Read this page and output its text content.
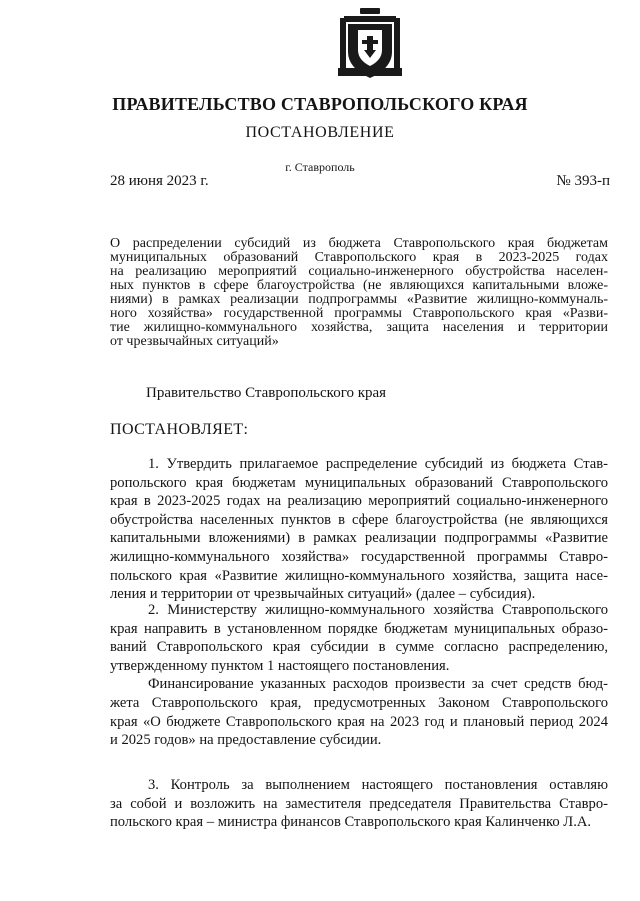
ПРАВИТЕЛЬСТВО СТАВРОПОЛЬСКОГО КРАЯ
ПОСТАНОВЛЕНИЕ
г. Ставрополь
28 июня 2023 г.	№ 393-п
О распределении субсидий из бюджета Ставропольского края бюджетам
муниципальных образований Ставропольского края в 2023-2025 годах
на реализацию мероприятий социально-инженерного обустройства населен-
ных пунктов в сфере благоустройства (не являющихся капитальными вложе-
ниями) в рамках реализации подпрограммы «Развитие жилищно-коммуналь-
ного хозяйства» государственной программы Ставропольского края «Разви-
тие жилищно-коммунального хозяйства, защита населения и территории
от чрезвычайных ситуаций»
Правительство Ставропольского края
ПОСТАНОВЛЯЕТ:
1. Утвердить прилагаемое распределение субсидий из бюджета Став-
ропольского края бюджетам муниципальных образований Ставропольского
края в 2023-2025 годах на реализацию мероприятий социально-инженерного
обустройства населенных пунктов в сфере благоустройства (не являющихся
капитальными вложениями) в рамках реализации подпрограммы «Развитие
жилищно-коммунального хозяйства» государственной программы Ставро-
польского края «Развитие жилищно-коммунального хозяйства, защита насе-
ления и территории от чрезвычайных ситуаций» (далее – субсидия).
2. Министерству жилищно-коммунального хозяйства Ставропольского
края направить в установленном порядке бюджетам муниципальных образо-
ваний Ставропольского края субсидии в сумме согласно распределению,
утвержденному пунктом 1 настоящего постановления.
Финансирование указанных расходов произвести за счет средств бюд-
жета Ставропольского края, предусмотренных Законом Ставропольского
края «О бюджете Ставропольского края на 2023 год и плановый период 2024
и 2025 годов» на предоставление субсидии.
3. Контроль за выполнением настоящего постановления оставляю
за собой и возложить на заместителя председателя Правительства Ставро-
польского края – министра финансов Ставропольского края Калинченко Л.А.
